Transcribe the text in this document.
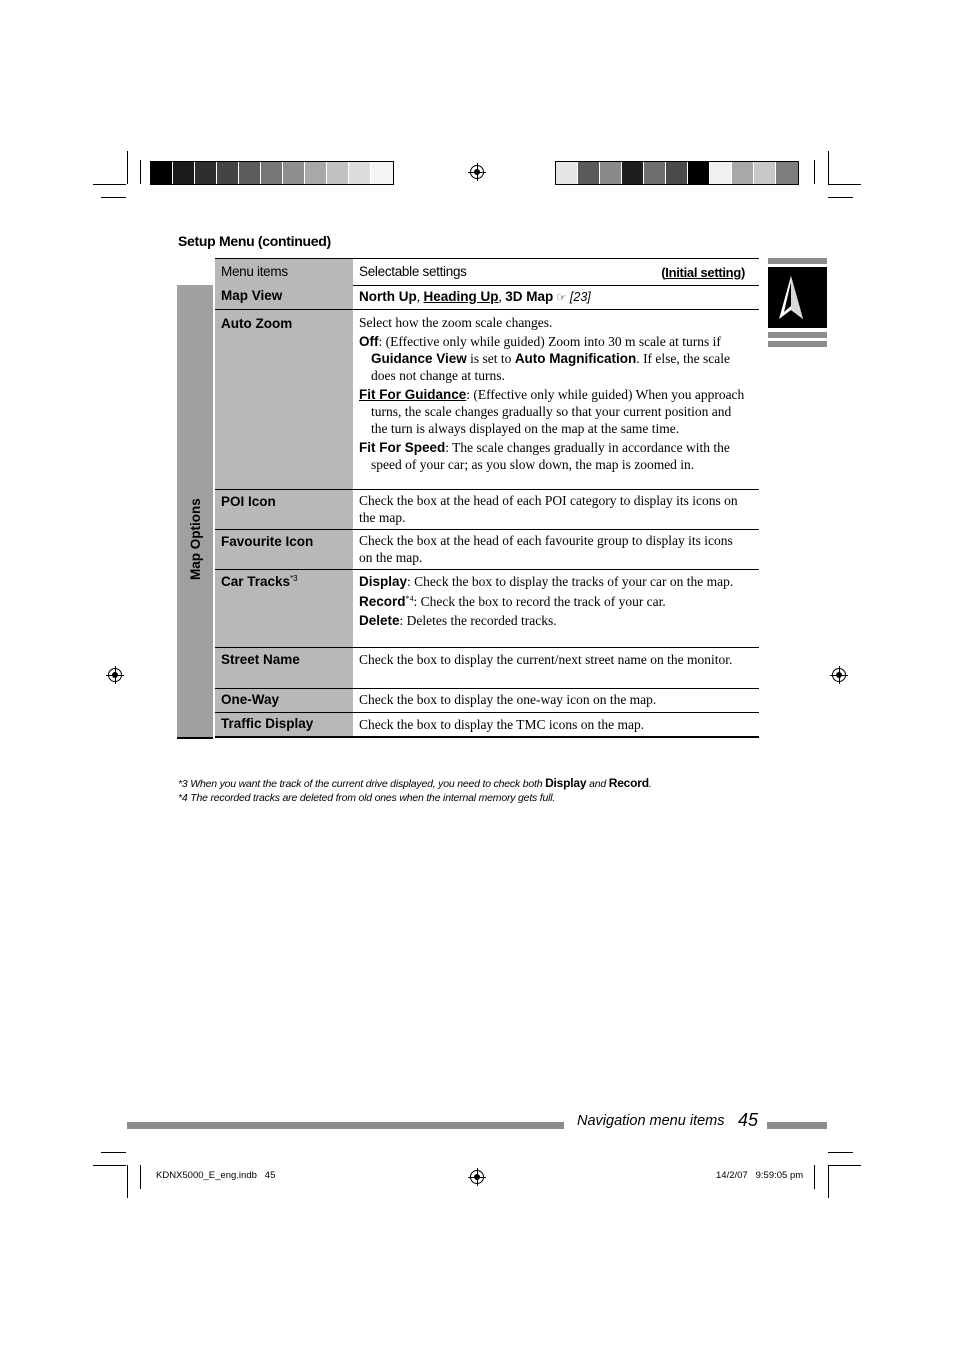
Setup Menu (continued)
Menu items	Selectable settings	(Initial setting)
Map Options
Map View	North Up, Heading Up, 3D Map ☞ [23]
Auto Zoom	Select how the zoom scale changes.

Off: (Effective only while guided) Zoom into 30 m scale at turns if Guidance View is set to Auto Magnification. If else, the scale does not change at turns.

Fit For Guidance: (Effective only while guided) When you approach turns, the scale changes gradually so that your current position and the turn is always displayed on the map at the same time.

Fit For Speed: The scale changes gradually in accordance with the speed of your car; as you slow down, the map is zoomed in.

POI Icon	Check the box at the head of each POI category to display its icons on the map.

Favourite Icon	Check the box at the head of each favourite group to display its icons on the map.

Car Tracks$^{*3}$	Display: Check the box to display the tracks of your car on the map.

Record$^{*4}$: Check the box to record the track of your car.

Delete: Deletes the recorded tracks.

Street Name	Check the box to display the current/next street name on the monitor.

One-Way	Check the box to display the one-way icon on the map.

Traffic Display	Check the box to display the TMC icons on the map.

*3 When you want the track of the current drive displayed, you need to check both Display and Record.
*4 The recorded tracks are deleted from old ones when the internal memory gets full.
Navigation menu items 45
KDNX5000_E_eng.indb   45	14/2/07   9:59:05 pm
